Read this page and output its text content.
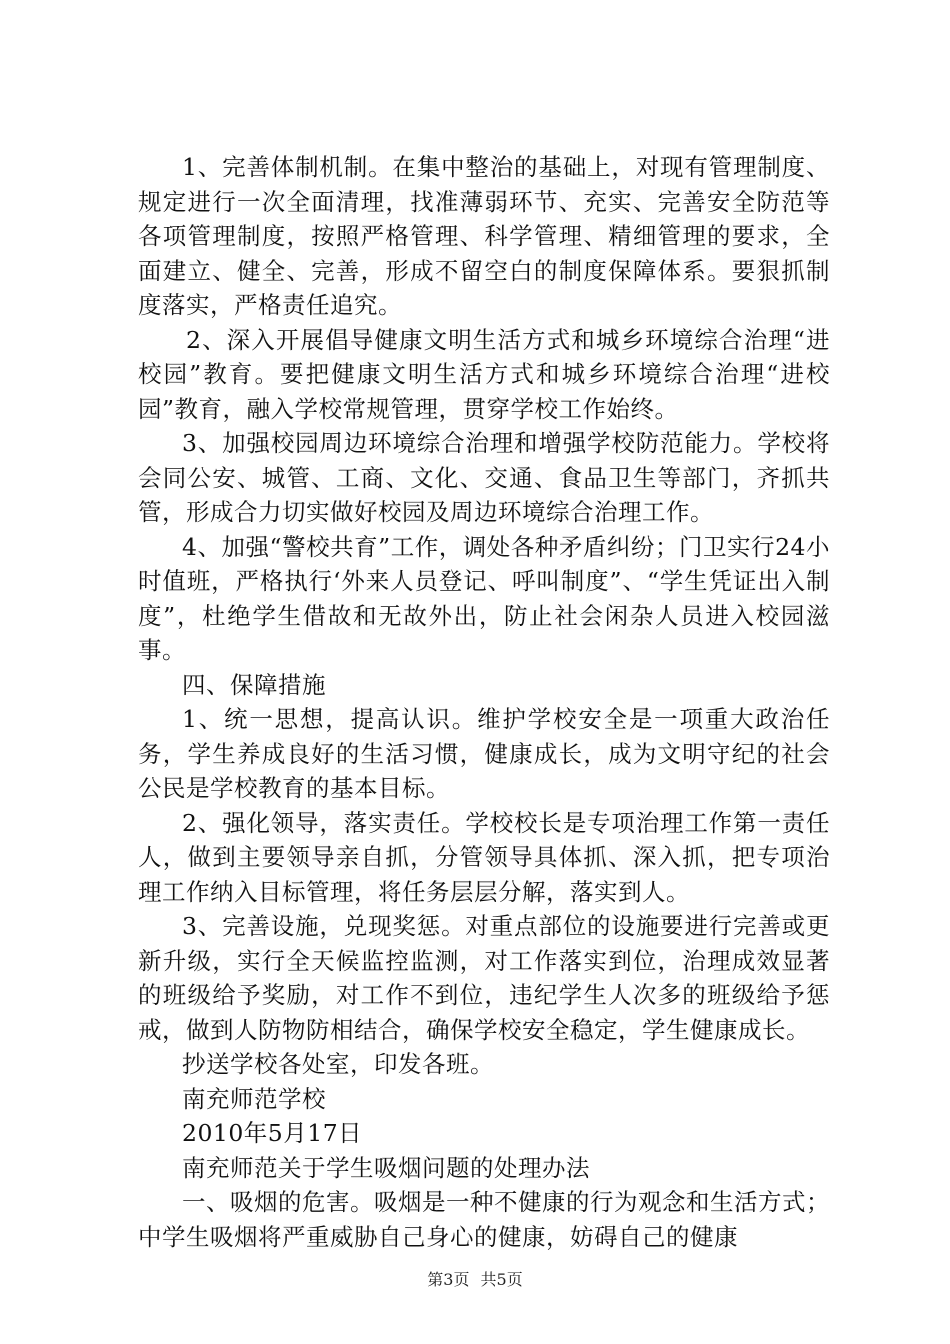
1、完善体制机制。在集中整治的基础上，对现有管理制度、规定进行一次全面清理，找准薄弱环节、充实、完善安全防范等各项管理制度，按照严格管理、科学管理、精细管理的要求，全面建立、健全、完善，形成不留空白的制度保障体系。要狠抓制度落实，严格责任追究。

2、深入开展倡导健康文明生活方式和城乡环境综合治理“进校园”教育。要把健康文明生活方式和城乡环境综合治理“进校园”教育，融入学校常规管理，贯穿学校工作始终。

3、加强校园周边环境综合治理和增强学校防范能力。学校将会同公安、城管、工商、文化、交通、食品卫生等部门，齐抓共管，形成合力切实做好校园及周边环境综合治理工作。

4、加强“警校共育”工作，调处各种矛盾纠纷；门卫实行24小时值班，严格执行‘外来人员登记、呼叫制度”、“学生凭证出入制度”，杜绝学生借故和无故外出，防止社会闲杂人员进入校园滋事。

四、保障措施

1、统一思想，提高认识。维护学校安全是一项重大政治任务，学生养成良好的生活习惯，健康成长，成为文明守纪的社会公民是学校教育的基本目标。

2、强化领导，落实责任。学校校长是专项治理工作第一责任人，做到主要领导亲自抓，分管领导具体抓、深入抓，把专项治理工作纳入目标管理，将任务层层分解，落实到人。

3、完善设施，兑现奖惩。对重点部位的设施要进行完善或更新升级，实行全天候监控监测，对工作落实到位，治理成效显著的班级给予奖励，对工作不到位，违纪学生人次多的班级给予惩戒，做到人防物防相结合，确保学校安全稳定，学生健康成长。

抄送学校各处室，印发各班。

南充师范学校

2010年5月17日

南充师范关于学生吸烟问题的处理办法

一、吸烟的危害。吸烟是一种不健康的行为观念和生活方式；中学生吸烟将严重威胁自己身心的健康，妨碍自己的健康

第3页 共5页
